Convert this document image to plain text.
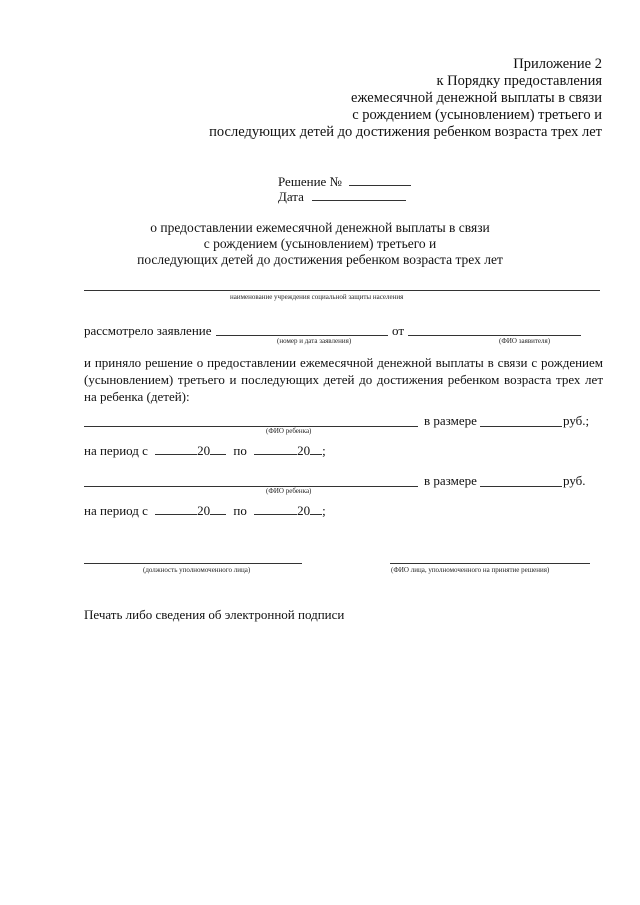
Приложение 2
к Порядку предоставления
ежемесячной денежной выплаты в связи
с рождением (усыновлением) третьего и
последующих детей до достижения ребенком возраста трех лет
Решение №
Дата
о предоставлении ежемесячной денежной выплаты в связи
с рождением (усыновлением) третьего и
последующих детей до достижения ребенком возраста трех лет
наименование учреждения социальной защиты населения
рассмотрело заявление	от
(номер и дата заявления)	(ФИО заявителя)
и приняло решение о предоставлении ежемесячной денежной выплаты в связи с рождением
(усыновлением) третьего и последующих детей до достижения ребенком возраста трех лет
на ребенка (детей):
(ФИО ребенка)
в размере	руб.;
на период с	20 по	20 ;
(ФИО ребенка)
в размере	руб.
на период с	20 по	20 ;
(должность уполномоченного лица)	(ФИО лица, уполномоченного на принятие решения)
Печать либо сведения об электронной подписи
